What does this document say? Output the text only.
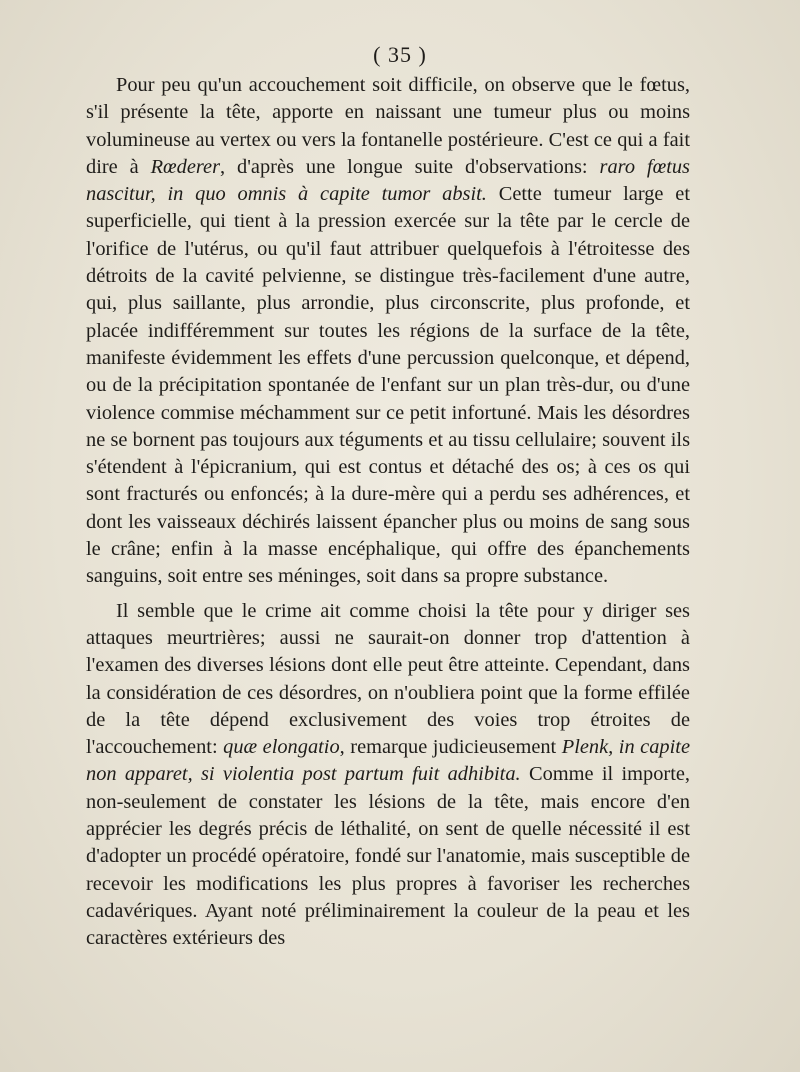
( 35 )

Pour peu qu'un accouchement soit difficile, on observe que le fœtus, s'il présente la tête, apporte en naissant une tumeur plus ou moins volumineuse au vertex ou vers la fontanelle postérieure. C'est ce qui a fait dire à Rœderer, d'après une longue suite d'observations: raro fœtus nascitur, in quo omnis à capite tumor absit. Cette tumeur large et superficielle, qui tient à la pression exercée sur la tête par le cercle de l'orifice de l'utérus, ou qu'il faut attribuer quelquefois à l'étroitesse des détroits de la cavité pelvienne, se distingue très-facilement d'une autre, qui, plus saillante, plus arrondie, plus circonscrite, plus profonde, et placée indifféremment sur toutes les régions de la surface de la tête, manifeste évidemment les effets d'une percussion quelconque, et dépend, ou de la précipitation spontanée de l'enfant sur un plan très-dur, ou d'une violence commise méchamment sur ce petit infortuné. Mais les désordres ne se bornent pas toujours aux téguments et au tissu cellulaire; souvent ils s'étendent à l'épicranium, qui est contus et détaché des os; à ces os qui sont fracturés ou enfoncés; à la dure-mère qui a perdu ses adhérences, et dont les vaisseaux déchirés laissent épancher plus ou moins de sang sous le crâne; enfin à la masse encéphalique, qui offre des épanchements sanguins, soit entre ses méninges, soit dans sa propre substance.

Il semble que le crime ait comme choisi la tête pour y diriger ses attaques meurtrières; aussi ne saurait-on donner trop d'attention à l'examen des diverses lésions dont elle peut être atteinte. Cependant, dans la considération de ces désordres, on n'oubliera point que la forme effilée de la tête dépend exclusivement des voies trop étroites de l'accouchement: quæ elongatio, remarque judicieusement Plenk, in capite non apparet, si violentia post partum fuit adhibita. Comme il importe, non-seulement de constater les lésions de la tête, mais encore d'en apprécier les degrés précis de léthalité, on sent de quelle nécessité il est d'adopter un procédé opératoire, fondé sur l'anatomie, mais susceptible de recevoir les modifications les plus propres à favoriser les recherches cadavériques. Ayant noté préliminairement la couleur de la peau et les caractères extérieurs des
